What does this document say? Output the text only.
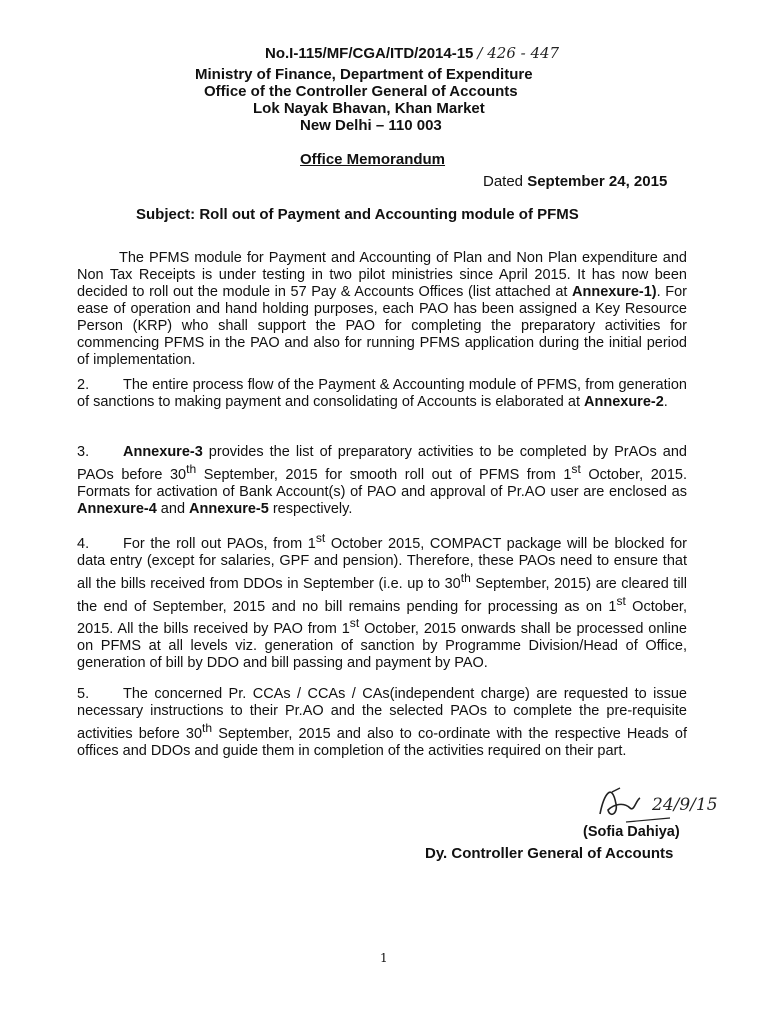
No.I-115/MF/CGA/ITD/2014-15 / 426 - 447
Ministry of Finance, Department of Expenditure
Office of the Controller General of Accounts
Lok Nayak Bhavan, Khan Market
New Delhi – 110 003
Office Memorandum
Dated September 24, 2015
Subject: Roll out of Payment and Accounting module of PFMS
The PFMS module for Payment and Accounting of Plan and Non Plan expenditure and Non Tax Receipts is under testing in two pilot ministries since April 2015. It has now been decided to roll out the module in 57 Pay & Accounts Offices (list attached at Annexure-1). For ease of operation and hand holding purposes, each PAO has been assigned a Key Resource Person (KRP) who shall support the PAO for completing the preparatory activities for commencing PFMS in the PAO and also for running PFMS application during the initial period of implementation.
2. The entire process flow of the Payment & Accounting module of PFMS, from generation of sanctions to making payment and consolidating of Accounts is elaborated at Annexure-2.
3. Annexure-3 provides the list of preparatory activities to be completed by PrAOs and PAOs before 30th September, 2015 for smooth roll out of PFMS from 1st October, 2015. Formats for activation of Bank Account(s) of PAO and approval of Pr.AO user are enclosed as Annexure-4 and Annexure-5 respectively.
4. For the roll out PAOs, from 1st October 2015, COMPACT package will be blocked for data entry (except for salaries, GPF and pension). Therefore, these PAOs need to ensure that all the bills received from DDOs in September (i.e. up to 30th September, 2015) are cleared till the end of September, 2015 and no bill remains pending for processing as on 1st October, 2015. All the bills received by PAO from 1st October, 2015 onwards shall be processed online on PFMS at all levels viz. generation of sanction by Programme Division/Head of Office, generation of bill by DDO and bill passing and payment by PAO.
5. The concerned Pr. CCAs / CCAs / CAs(independent charge) are requested to issue necessary instructions to their Pr.AO and the selected PAOs to complete the pre-requisite activities before 30th September, 2015 and also to co-ordinate with the respective Heads of offices and DDOs and guide them in completion of the activities required on their part.
24/9/15
(Sofia Dahiya)
Dy. Controller General of Accounts
1
